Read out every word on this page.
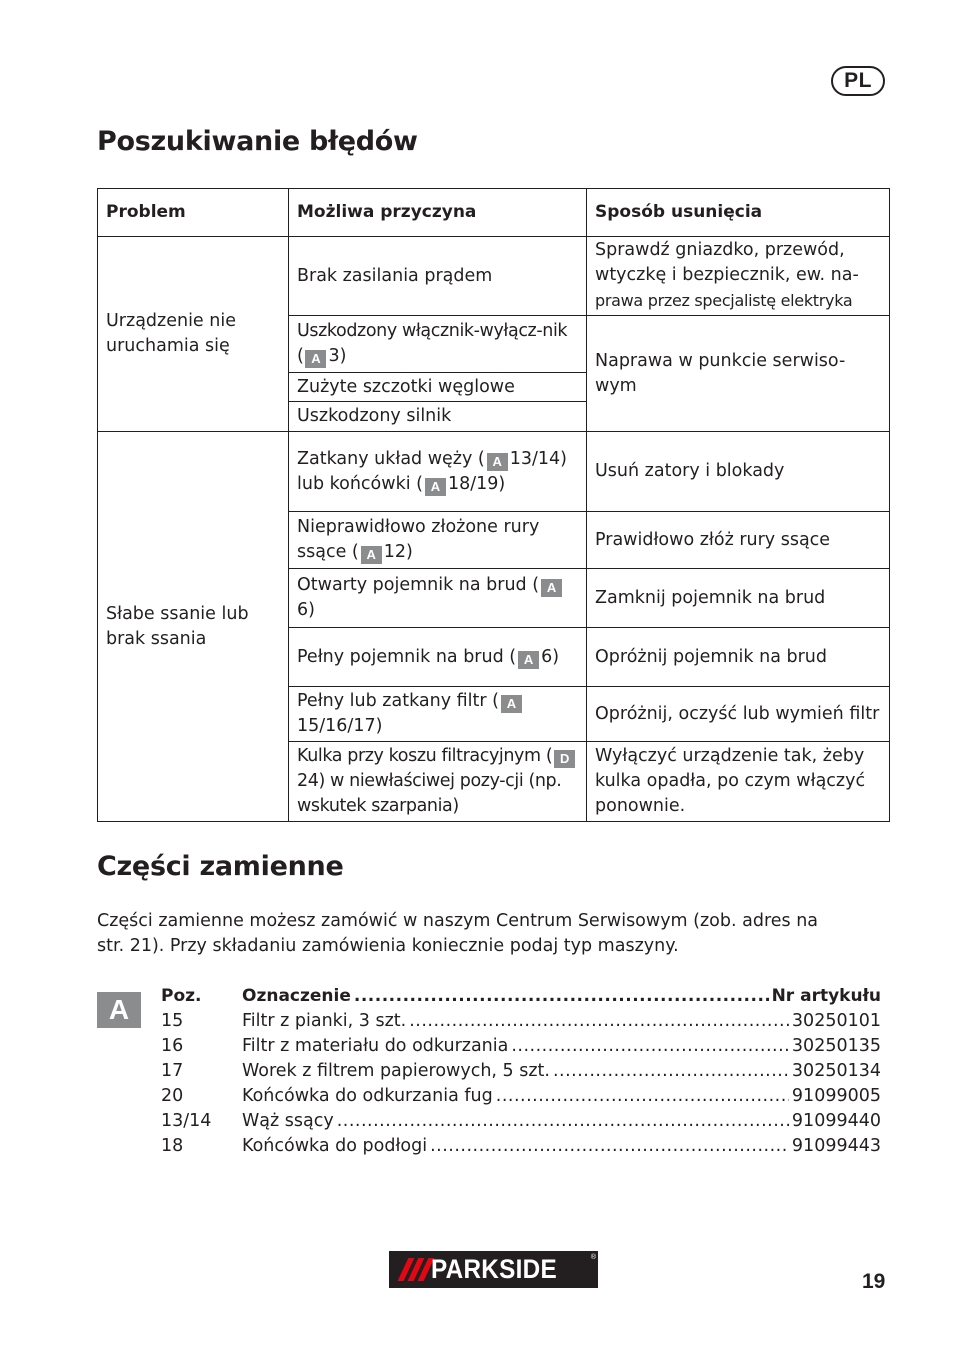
PL
Poszukiwanie błędów
Problem	Możliwa przyczyna	Sposób usunięcia
Urządzenie nie uruchamia się	Brak zasilania prądem	Sprawdź gniazdko, przewód, wtyczkę i bezpiecznik, ew. na- prawa przez specjalistę elektryka
	Uszkodzony włącznik-wyłącz-nik ( A 3)	Naprawa w punkcie serwiso-wym
	Zużyte szczotki węglowe	
	Uszkodzony silnik	
Słabe ssanie lub brak ssania	Zatkany układ węży ( A 13/14) lub końcówki ( A 18/19)	Usuń zatory i blokady
	Nieprawidłowo złożone rury ssące ( A 12)	Prawidłowo złóż rury ssące
	Otwarty pojemnik na brud ( A6)	Zamknij pojemnik na brud
	Pełny pojemnik na brud ( A 6)	Opróżnij pojemnik na brud
	Pełny lub zatkany filtr ( A15/16/17)	Opróżnij, oczyść lub wymień filtr
	Kulka przy koszu filtracyjnym ( D24) w niewłaściwej pozy-cji (np. wskutek szarpania)	Wyłączyć urządzenie tak, żeby kulka opadła, po czym włączyć ponownie.
Części zamienne

Części zamienne możesz zamówić w naszym Centrum Serwisowym (zob. adres na
str. 21). Przy składaniu zamówienia koniecznie podaj typ maszyny.

A	Poz.	Oznaczenie .....	Nr artykułu
15	Filtr z pianki, 3 szt. .....	30250101
16	Filtr z materiału do odkurzania .....	30250135
17	Worek z filtrem papierowych, 5 szt. .....	30250134
20	Końcówka do odkurzania fug .....	91099005
13/14	Wąż ssący .....	91099440
18	Końcówka do podłogi .....	91099443
PARKSIDE	®
19
